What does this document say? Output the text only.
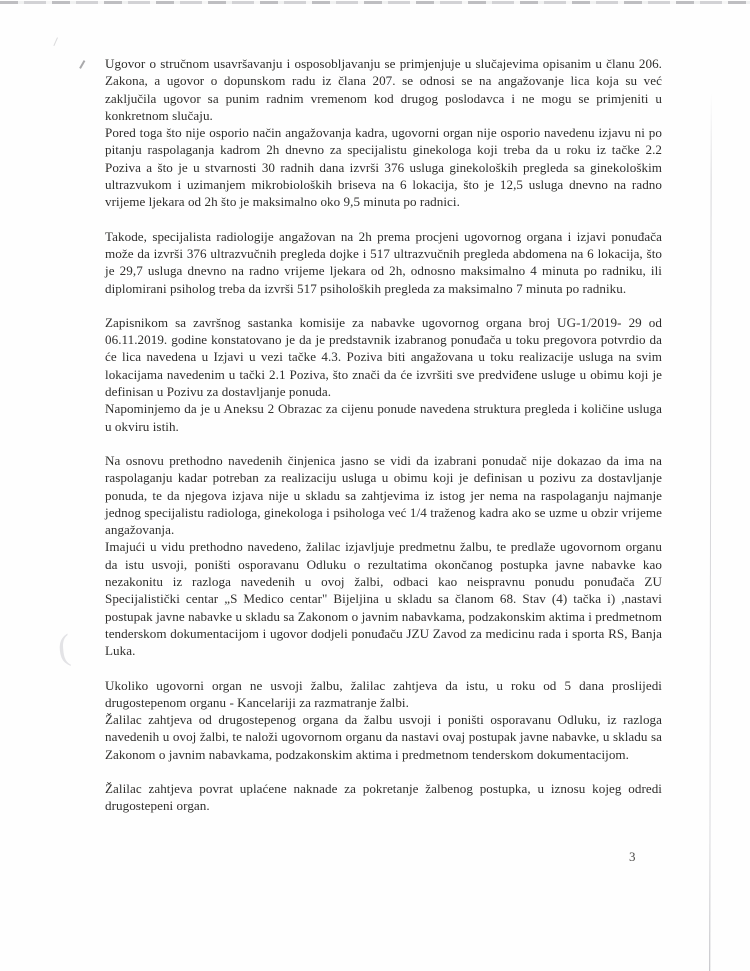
(

Ugovor o stručnom usavršavanju i osposobljavanju se primjenjuje u slučajevima opisanim u članu 206. Zakona, a ugovor o dopunskom radu iz člana 207. se odnosi se na angažovanje lica koja su već zaključila ugovor sa punim radnim vremenom kod drugog poslodavca i ne mogu se primjeniti u konkretnom slučaju.

Pored toga što nije osporio način angažovanja kadra, ugovorni organ nije osporio navedenu izjavu ni po pitanju raspolaganja kadrom 2h dnevno za specijalistu ginekologa koji treba da u roku iz tačke 2.2 Poziva a što je u stvarnosti 30 radnih dana izvrši 376 usluga ginekoloških pregleda sa ginekološkim ultrazvukom i uzimanjem mikrobioloških briseva na 6 lokacija, što je 12,5 usluga dnevno na radno vrijeme ljekara od 2h što je maksimalno oko 9,5 minuta po radnici.

Takode, specijalista radiologije angažovan na 2h prema procjeni ugovornog organa i izjavi ponuđača može da izvrši 376 ultrazvučnih pregleda dojke i 517 ultrazvučnih pregleda abdomena na 6 lokacija, što je 29,7 usluga dnevno na radno vrijeme ljekara od 2h, odnosno maksimalno 4 minuta po radniku, ili diplomirani psiholog treba da izvrši 517 psiholoških pregleda za maksimalno 7 minuta po radniku.

Zapisnikom sa završnog sastanka komisije za nabavke ugovornog organa broj UG-1/2019- 29 od 06.11.2019. godine konstatovano je da je predstavnik izabranog ponuđača u toku pregovora potvrdio da će lica navedena u Izjavi u vezi tačke 4.3. Poziva biti angažovana u toku realizacije usluga na svim lokacijama navedenim u tački 2.1 Poziva, što znači da će izvršiti sve predviđene usluge u obimu koji je definisan u Pozivu za dostavljanje ponuda.

Napominjemo da je u Aneksu 2 Obrazac za cijenu ponude navedena struktura pregleda i količine usluga u okviru istih.

Na osnovu prethodno navedenih činjenica jasno se vidi da izabrani ponudač nije dokazao da ima na raspolaganju kadar potreban za realizaciju usluga u obimu koji je definisan u pozivu za dostavljanje ponuda, te da njegova izjava nije u skladu sa zahtjevima iz istog jer nema na raspolaganju najmanje jednog specijalistu radiologa, ginekologa i psihologa već 1/4 traženog kadra ako se uzme u obzir vrijeme angažovanja.

Imajući u vidu prethodno navedeno, žalilac izjavljuje predmetnu žalbu, te predlaže ugovornom organu da istu usvoji, poništi osporavanu Odluku o rezultatima okončanog postupka javne nabavke kao nezakonitu iz razloga navedenih u ovoj žalbi, odbaci kao neispravnu ponudu ponuđača ZU Specijalistički centar „S Medico centar" Bijeljina u skladu sa članom 68. Stav (4) tačka i) ,nastavi postupak javne nabavke u skladu sa Zakonom o javnim nabavkama, podzakonskim aktima i predmetnom tenderskom dokumentacijom i ugovor dodjeli ponuđaču JZU Zavod za medicinu rada i sporta RS, Banja Luka.

Ukoliko ugovorni organ ne usvoji žalbu, žalilac zahtjeva da istu, u roku od 5 dana proslijedi drugostepenom organu - Kancelariji za razmatranje žalbi.

Žalilac zahtjeva od drugostepenog organa da žalbu usvoji i poništi osporavanu Odluku, iz razloga navedenih u ovoj žalbi, te naloži ugovornom organu da nastavi ovaj postupak javne nabavke, u skladu sa Zakonom o javnim nabavkama, podzakonskim aktima i predmetnom tenderskom dokumentacijom.

Žalilac zahtjeva povrat uplaćene naknade za pokretanje žalbenog postupka, u iznosu kojeg odredi drugostepeni organ.

3
